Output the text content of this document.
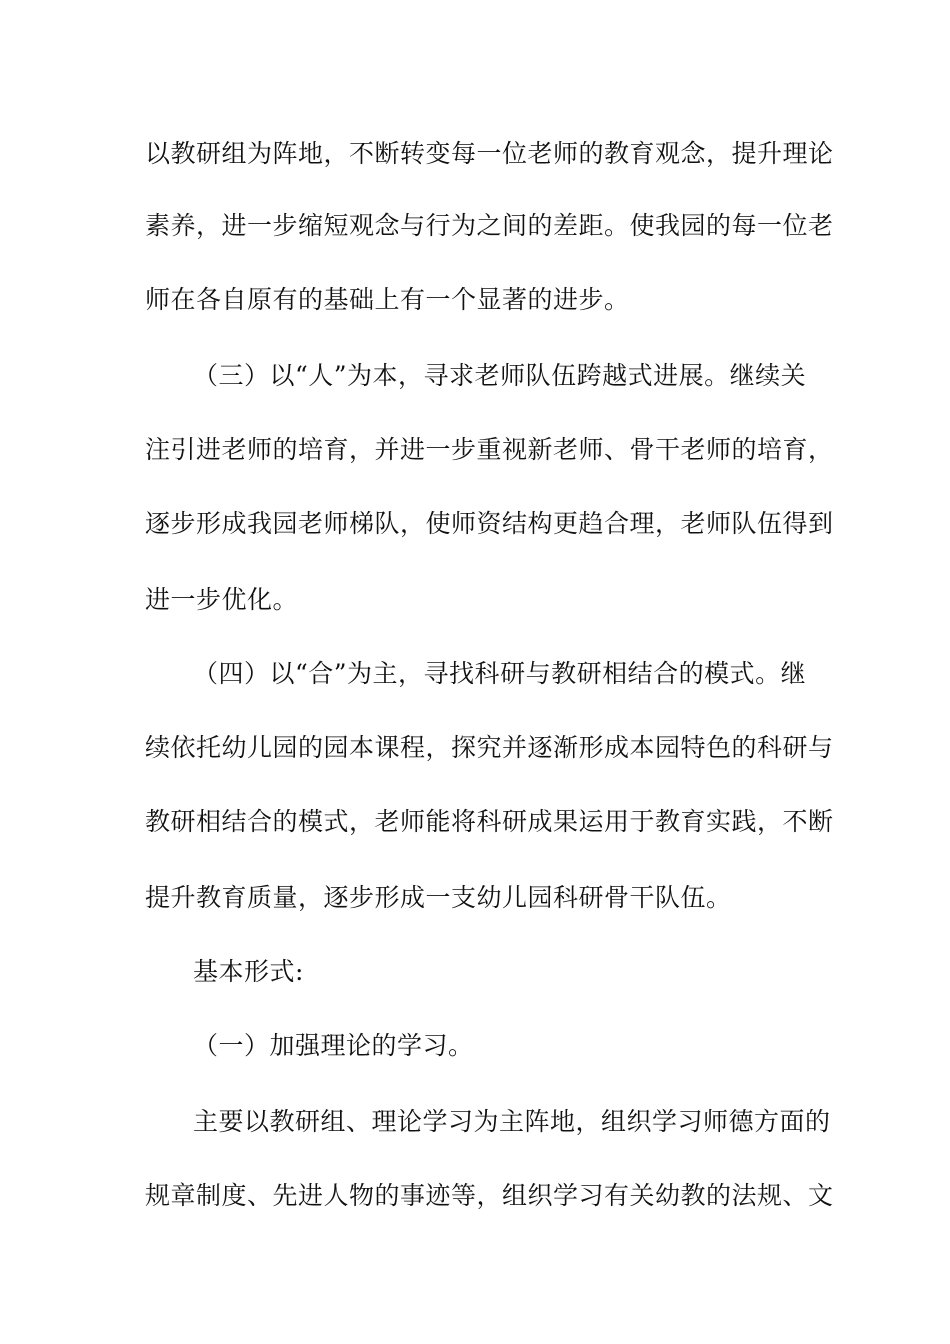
以教研组为阵地，不断转变每一位老师的教育观念，提升理论
素养，进一步缩短观念与行为之间的差距。使我园的每一位老
师在各自原有的基础上有一个显著的进步。
（三）以“人”为本，寻求老师队伍跨越式进展。继续关
注引进老师的培育，并进一步重视新老师、骨干老师的培育，
逐步形成我园老师梯队，使师资结构更趋合理，老师队伍得到
进一步优化。
（四）以“合”为主，寻找科研与教研相结合的模式。继
续依托幼儿园的园本课程，探究并逐渐形成本园特色的科研与
教研相结合的模式，老师能将科研成果运用于教育实践，不断
提升教育质量，逐步形成一支幼儿园科研骨干队伍。
基本形式:
（一）加强理论的学习。
主要以教研组、理论学习为主阵地，组织学习师德方面的
规章制度、先进人物的事迹等，组织学习有关幼教的法规、文
